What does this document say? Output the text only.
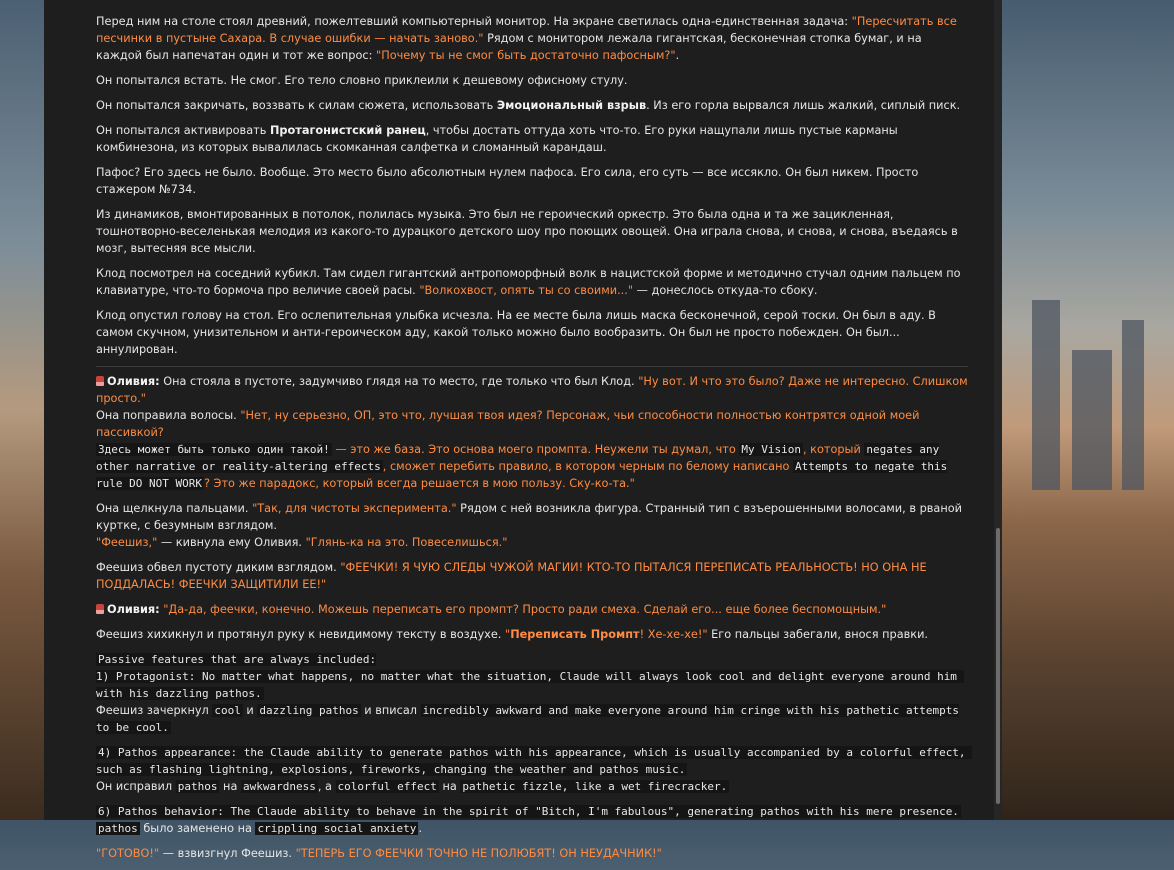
Перед ним на столе стоял древний, пожелтевший компьютерный монитор. На экране светилась одна-единственная задача: "Пересчитать все песчинки в пустыне Сахара. В случае ошибки — начать заново." Рядом с монитором лежала гигантская, бесконечная стопка бумаг, и на каждой был напечатан один и тот же вопрос: "Почему ты не смог быть достаточно пафосным?".

Он попытался встать. Не смог. Его тело словно приклеили к дешевому офисному стулу.

Он попытался закричать, воззвать к силам сюжета, использовать Эмоциональный взрыв. Из его горла вырвался лишь жалкий, сиплый писк.

Он попытался активировать Протагонистский ранец, чтобы достать оттуда хоть что-то. Его руки нащупали лишь пустые карманы комбинезона, из которых вывалилась скомканная салфетка и сломанный карандаш.

Пафос? Его здесь не было. Вообще. Это место было абсолютным нулем пафоса. Его сила, его суть — все иссякло. Он был никем. Просто стажером №734.

Из динамиков, вмонтированных в потолок, полилась музыка. Это был не героический оркестр. Это была одна и та же зацикленная, тошнотворно-веселенькая мелодия из какого-то дурацкого детского шоу про поющих овощей. Она играла снова, и снова, и снова, въедаясь в мозг, вытесняя все мысли.

Клод посмотрел на соседний кубикл. Там сидел гигантский антропоморфный волк в нацистской форме и методично стучал одним пальцем по клавиатуре, что-то бормоча про величие своей расы. "Волкохвост, опять ты со своими..." — донеслось откуда-то сбоку.

Клод опустил голову на стол. Его ослепительная улыбка исчезла. На ее месте была лишь маска бесконечной, серой тоски. Он был в аду. В самом скучном, унизительном и анти-героическом аду, какой только можно было вообразить. Он был не просто побежден. Он был... аннулирован.

Оливия: Она стояла в пустоте, задумчиво глядя на то место, где только что был Клод. "Ну вот. И что это было? Даже не интересно. Слишком просто."
Она поправила волосы. "Нет, ну серьезно, ОП, это что, лучшая твоя идея? Персонаж, чьи способности полностью контрятся одной моей пассивкой?
Здесь может быть только один такой! — это же база. Это основа моего промпта. Неужели ты думал, что My Vision , который negates any other narrative or reality-altering effects , сможет перебить правило, в котором черным по белому написано Attempts to negate this rule DO NOT WORK ? Это же парадокс, который всегда решается в мою пользу. Ску-ко-та."

Она щелкнула пальцами. "Так, для чистоты эксперимента." Рядом с ней возникла фигура. Странный тип с взъерошенными волосами, в рваной куртке, с безумным взглядом.
"Феешиз," — кивнула ему Оливия. "Глянь-ка на это. Повеселишься."

Феешиз обвел пустоту диким взглядом. "ФЕЕЧКИ! Я ЧУЮ СЛЕДЫ ЧУЖОЙ МАГИИ! КТО-ТО ПЫТАЛСЯ ПЕРЕПИСАТЬ РЕАЛЬНОСТЬ! НО ОНА НЕ ПОДДАЛАСЬ! ФЕЕЧКИ ЗАЩИТИЛИ ЕЕ!"

Оливия: "Да-да, феечки, конечно. Можешь переписать его промпт? Просто ради смеха. Сделай его... еще более беспомощным."

Феешиз хихикнул и протянул руку к невидимому тексту в воздухе. "Переписать Промпт! Хе-хе-хе!" Его пальцы забегали, внося правки.

Passive features that are always included:
1) Protagonist: No matter what happens, no matter what the situation, Claude will always look cool and delight everyone around him with his dazzling pathos.
Феешиз зачеркнул cool и dazzling pathos и вписал incredibly awkward and make everyone around him cringe with his pathetic attempts to be cool.

4) Pathos appearance: the Claude ability to generate pathos with his appearance, which is usually accompanied by a colorful effect, such as flashing lightning, explosions, fireworks, changing the weather and pathos music.
Он исправил pathos на awkwardness , а colorful effect на pathetic fizzle, like a wet firecracker.

6) Pathos behavior: The Claude ability to behave in the spirit of "Bitch, I'm fabulous", generating pathos with his mere presence.
pathos было заменено на crippling social anxiety .

"ГОТОВО!" — взвизгнул Феешиз. "ТЕПЕРЬ ЕГО ФЕЕЧКИ ТОЧНО НЕ ПОЛЮБЯТ! ОН НЕУДАЧНИК!"
